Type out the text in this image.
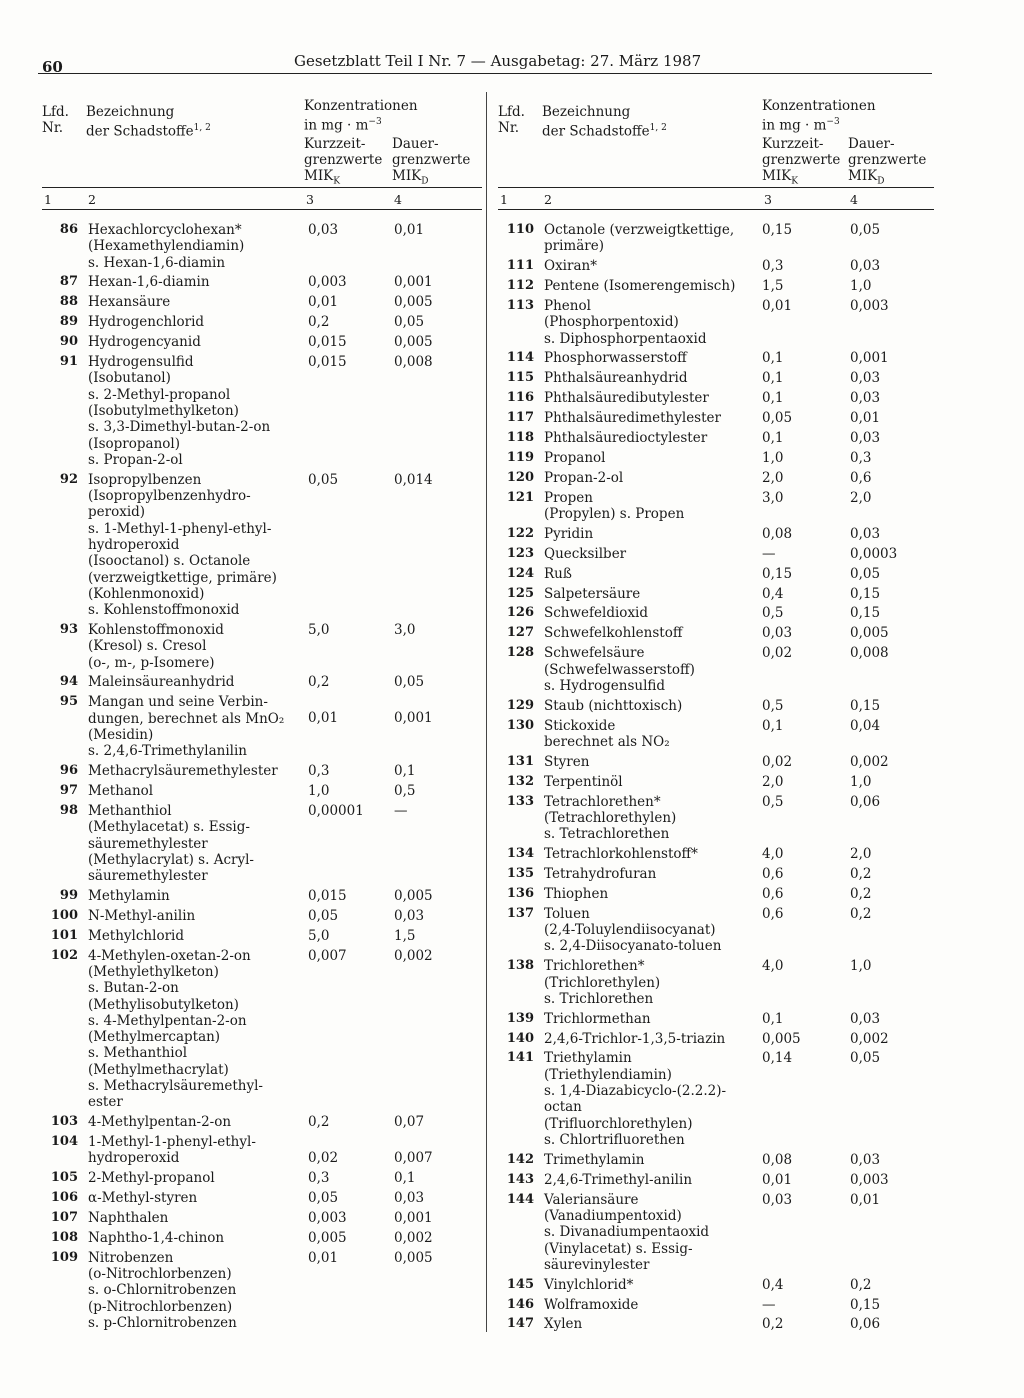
60	Gesetzblatt Teil I Nr. 7 — Ausgabetag: 27. März 1987
Lfd.
Nr.
Bezeichnung
der Schadstoffe$^{1, 2}$
Konzentrationen
in mg · $m^{-3}$
Kurzzeit-
grenzwerte
$MIK_K$
Dauer-
grenzwerte
$MIK_D$
1	2	3	4
86 Hexachlorcyclohexan*
(Hexamethylendiamin)
s. Hexan-1,6-diamin
0,03	0,01
87 Hexan-1,6-diamin	0,003	0,001
88 Hexansäure	0,01	0,005
89 Hydrogenchlorid	0,2	0,05
90 Hydrogencyanid	0,015	0,005
91 Hydrogensulfid
(Isobutanol)
s. 2-Methyl-propanol
(Isobutylmethylketon)
s. 3,3-Dimethyl-butan-2-on
(Isopropanol)
s. Propan-2-ol
0,015	0,008
92 Isopropylbenzen
(Isopropylbenzenhydro-
peroxid)
s. 1-Methyl-1-phenyl-ethyl-
hydroperoxid
(Isooctanol) s. Octanole
(verzweigtkettige, primäre)
(Kohlenmonoxid)
s. Kohlenstoffmonoxid
0,05	0,014
93 Kohlenstoffmonoxid
(Kresol) s. Cresol
(o-, m-, p-Isomere)
5,0	3,0
94 Maleinsäureanhydrid	0,2	0,05
95 Mangan und seine Verbin-
dungen, berechnet als MnO₂
(Mesidin)
s. 2,4,6-Trimethylanilin
0,01	0,001
96 Methacrylsäuremethylester	0,3	0,1
97 Methanol	1,0	0,5
98 Methanthiol
(Methylacetat) s. Essig-
säuremethylester
(Methylacrylat) s. Acryl-
säuremethylester
0,00001 —
99 Methylamin	0,015	0,005
100 N-Methyl-anilin	0,05	0,03
101 Methylchlorid	5,0	1,5
102 4-Methylen-oxetan-2-on
(Methylethylketon)
s. Butan-2-on
(Methylisobutylketon)
s. 4-Methylpentan-2-on
(Methylmercaptan)
s. Methanthiol
(Methylmethacrylat)
s. Methacrylsäuremethyl-
ester
0,007	0,002
103 4-Methylpentan-2-on	0,2	0,07
104 1-Methyl-1-phenyl-ethyl-
hydroperoxid	0,02	0,007
105 2-Methyl-propanol	0,3	0,1
106 α-Methyl-styren	0,05	0,03
107 Naphthalen	0,003	0,001
108 Naphtho-1,4-chinon	0,005	0,002
109 Nitrobenzen
(o-Nitrochlorbenzen)
s. o-Chlornitrobenzen
(p-Nitrochlorbenzen)
s. p-Chlornitrobenzen
0,01	0,005
Lfd.
Nr.
Bezeichnung
der Schadstoffe$^{1, 2}$
Konzentrationen
in mg · $m^{-3}$
Kurzzeit-
grenzwerte
$MIK_K$
Dauer-
grenzwerte
$MIK_D$
1	2	3	4
110 Octanole (verzweigtkettige,
primäre)
0,15	0,05
111 Oxiran*	0,3	0,03
112 Pentene (Isomerengemisch)	1,5	1,0
113 Phenol
(Phosphorpentoxid)
s. Diphosphorpentaoxid
0,01	0,003
114 Phosphorwasserstoff	0,1	0,001
115 Phthalsäureanhydrid	0,1	0,03
116 Phthalsäuredibutylester	0,1	0,03
117 Phthalsäuredimethylester	0,05	0,01
118 Phthalsäuredioctylester	0,1	0,03
119 Propanol	1,0	0,3
120 Propan-2-ol	2,0	0,6
121 Propen
(Propylen) s. Propen
3,0	2,0
122 Pyridin	0,08	0,03
123 Quecksilber	—	0,0003
124 Ruß	0,15	0,05
125 Salpetersäure	0,4	0,15
126 Schwefeldioxid	0,5	0,15
127 Schwefelkohlenstoff	0,03	0,005
128 Schwefelsäure
(Schwefelwasserstoff)
s. Hydrogensulfid
0,02	0,008
129 Staub (nichttoxisch)	0,5	0,15
130 Stickoxide
berechnet als NO₂
0,1	0,04
131 Styren	0,02	0,002
132 Terpentinöl	2,0	1,0
133 Tetrachlorethen*
(Tetrachlorethylen)
s. Tetrachlorethen
0,5	0,06
134 Tetrachlorkohlenstoff*	4,0	2,0
135 Tetrahydrofuran	0,6	0,2
136 Thiophen	0,6	0,2
137 Toluen
(2,4-Toluylendiisocyanat)
s. 2,4-Diisocyanato-toluen
0,6	0,2
138 Trichlorethen*
(Trichlorethylen)
s. Trichlorethen
4,0	1,0
139 Trichlormethan	0,1	0,03
140 2,4,6-Trichlor-1,3,5-triazin	0,005	0,002
141 Triethylamin
(Triethylendiamin)
s. 1,4-Diazabicyclo-(2.2.2)-
octan
(Trifluorchlorethylen)
s. Chlortrifluorethen
0,14	0,05
142 Trimethylamin	0,08	0,03
143 2,4,6-Trimethyl-anilin	0,01	0,003
144 Valeriansäure
(Vanadiumpentoxid)
s. Divanadiumpentaoxid
(Vinylacetat) s. Essig-
säurevinylester
0,03	0,01
145 Vinylchlorid*	0,4	0,2
146 Wolframoxide	—	0,15
147 Xylen	0,2	0,06
